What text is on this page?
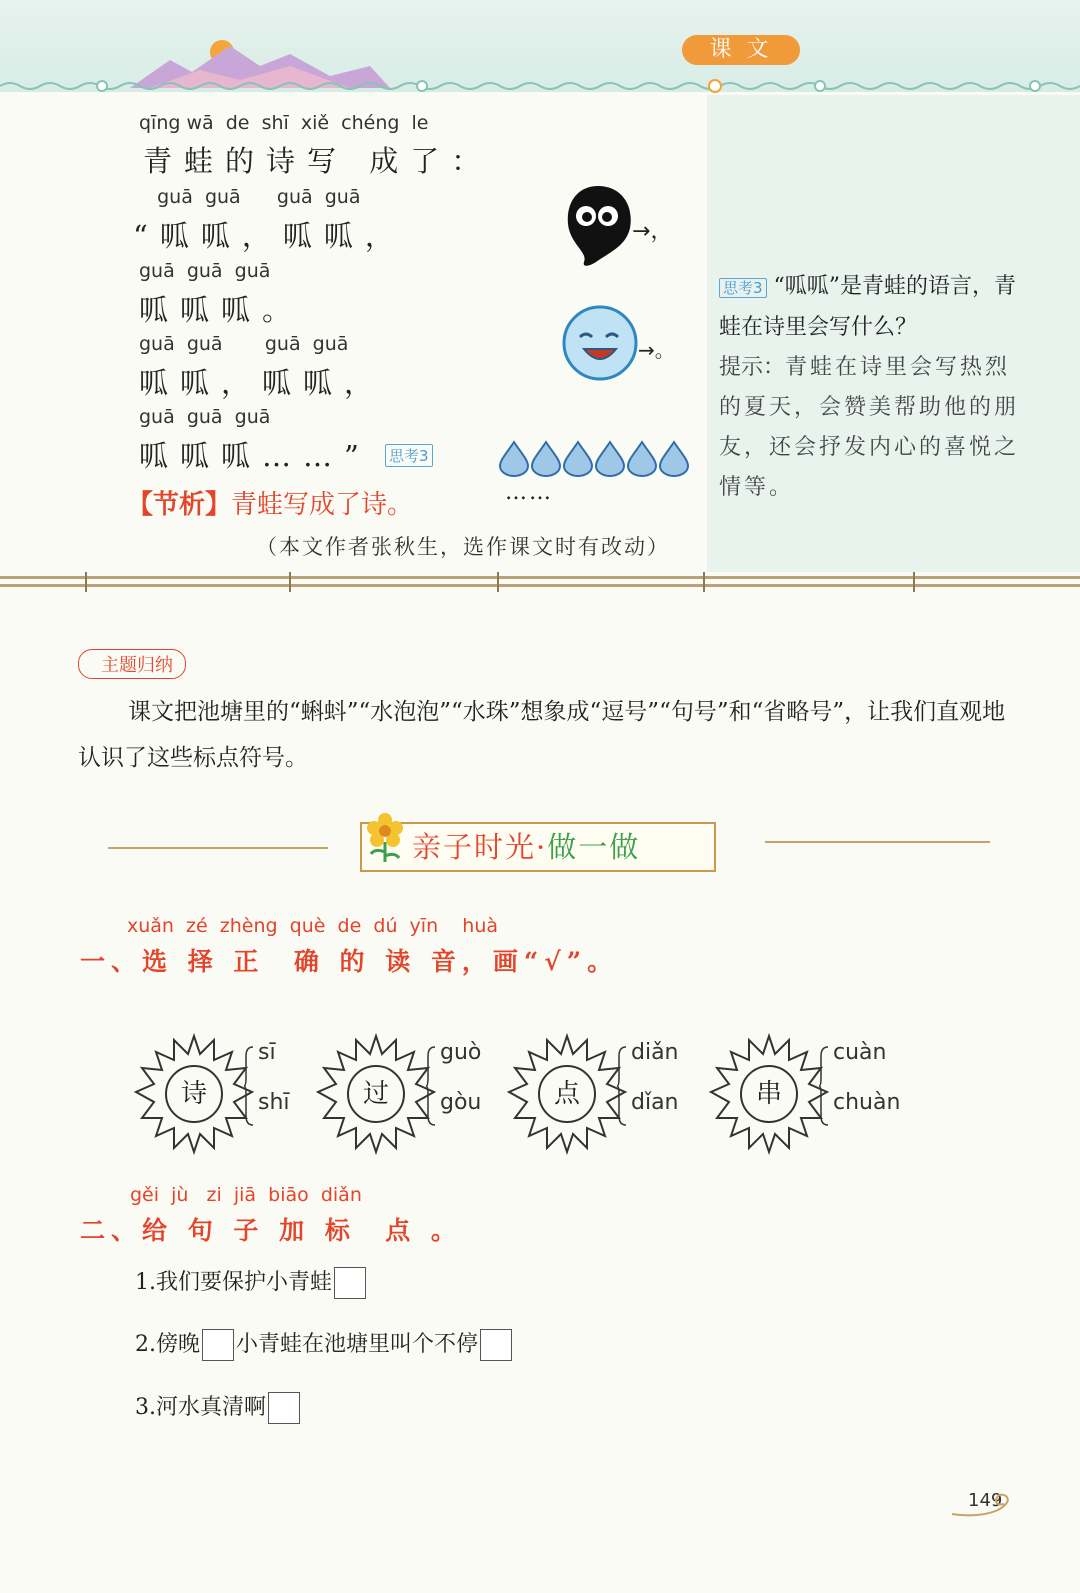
课 文
思考3 “呱呱”是青蛙的语言，青蛙在诗里会写什么？
提示：青蛙在诗里会写热烈的夏天，会赞美帮助他的朋友，还会抒发内心的喜悦之情等。
qīng wā  de  shī  xiě  chéng  le
青蛙的诗写 成了：
guā  guā      guā  guā
“呱呱，呱呱，
guā  guā  guā
呱呱呱。
guā  guā       guā  guā
呱呱，呱呱，
guā  guā  guā
呱呱呱……” 思考3
→，
→。
……
【节析】青蛙写成了诗。
（本文作者张秋生，选作课文时有改动）
主题归纳
课文把池塘里的“蝌蚪”“水泡泡”“水珠”想象成“逗号”“句号”和“省略号”，让我们直观地认识了这些标点符号。
亲子时光·做一做
xuǎn  zé  zhèng  què  de  dú  yīn    huà
一、选 择 正  确 的 读 音，画“√”。
诗
sī
shī	过
guò
gòu	点
diǎn
dǐan	串
cuàn
chuàn
gěi  jù   zi  jiā  biāo  diǎn
二、给 句 子 加 标  点 。
1.我们要保护小青蛙
2.傍晚 小青蛙在池塘里叫个不停
3.河水真清啊
149
